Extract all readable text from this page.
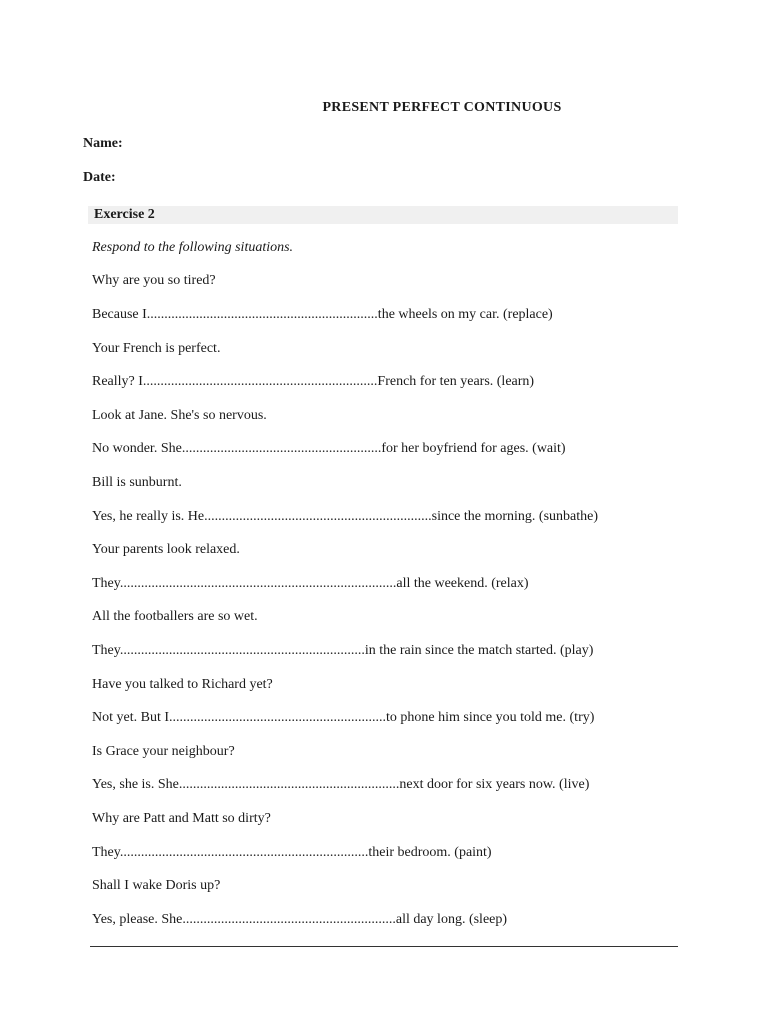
PRESENT PERFECT CONTINUOUS
Name:
Date:
Exercise 2
Respond to the following situations.
Why are you so tired?
Because I..................................................................the wheels on my car. (replace)
Your French is perfect.
Really? I...................................................................French for ten years. (learn)
Look at Jane. She's so nervous.
No wonder. She.........................................................for her boyfriend for ages. (wait)
Bill is sunburnt.
Yes, he really is. He.................................................................since the morning. (sunbathe)
Your parents look relaxed.
They...............................................................................all the weekend. (relax)
All the footballers are so wet.
They......................................................................in the rain since the match started. (play)
Have you talked to Richard yet?
Not yet. But I..............................................................to phone him since you told me. (try)
Is Grace your neighbour?
Yes, she is. She...............................................................next door for six years now. (live)
Why are Patt and Matt so dirty?
They.......................................................................their bedroom. (paint)
Shall I wake Doris up?
Yes, please. She.............................................................all day long. (sleep)
